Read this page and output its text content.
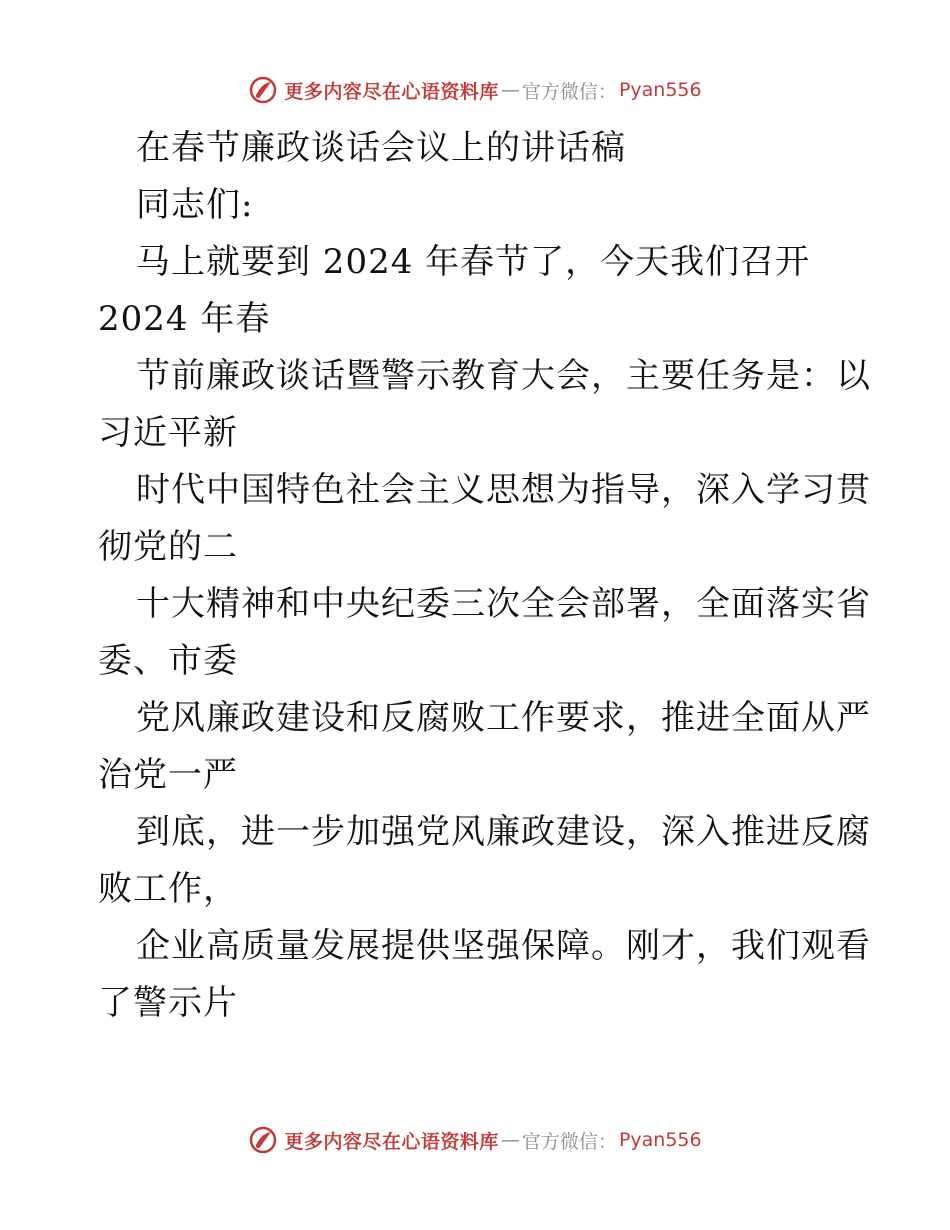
更多内容尽在心语资料库 — 官方微信： Pyan556
在春节廉政谈话会议上的讲话稿
同志们:
马上就要到 2024 年春节了，今天我们召开
2024 年春
节前廉政谈话暨警示教育大会，主要任务是：以
习近平新
时代中国特色社会主义思想为指导，深入学习贯
彻党的二
十大精神和中央纪委三次全会部署，全面落实省
委、市委
党风廉政建设和反腐败工作要求，推进全面从严
治党一严
到底，进一步加强党风廉政建设，深入推进反腐
败工作，
企业高质量发展提供坚强保障。刚才，我们观看
了警示片
更多内容尽在心语资料库 — 官方微信： Pyan556
